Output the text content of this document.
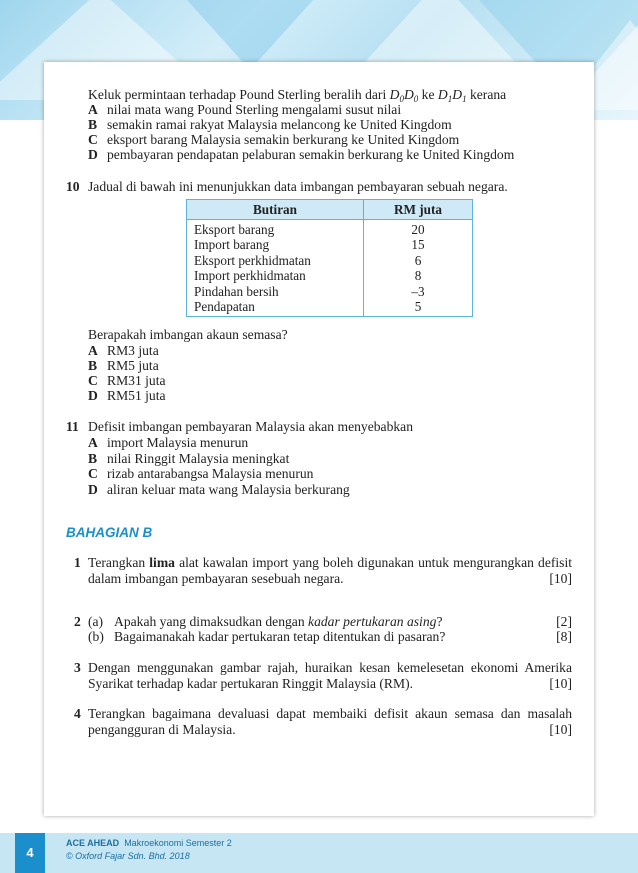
Keluk permintaan terhadap Pound Sterling beralih dari $D_0D_0$ ke $D_1D_1$ kerana
A nilai mata wang Pound Sterling mengalami susut nilai
B semakin ramai rakyat Malaysia melancong ke United Kingdom
C eksport barang Malaysia semakin berkurang ke United Kingdom
D pembayaran pendapatan pelaburan semakin berkurang ke United Kingdom
10 Jadual di bawah ini menunjukkan data imbangan pembayaran sebuah negara.
Butiran	RM juta
Eksport barang	20
Import barang	15
Eksport perkhidmatan	6
Import perkhidmatan	8
Pindahan bersih	–3
Pendapatan	5
Berapakah imbangan akaun semasa?
A RM3 juta
B RM5 juta
C RM31 juta
D RM51 juta
11 Defisit imbangan pembayaran Malaysia akan menyebabkan
A import Malaysia menurun
B nilai Ringgit Malaysia meningkat
C rizab antarabangsa Malaysia menurun
D aliran keluar mata wang Malaysia berkurang
BAHAGIAN B
1 Terangkan lima alat kawalan import yang boleh digunakan untuk mengurangkan defisit
dalam imbangan pembayaran sesebuah negara.	[10]
2 (a) Apakah yang dimaksudkan dengan kadar pertukaran asing?	[2]
(b) Bagaimanakah kadar pertukaran tetap ditentukan di pasaran?	[8]
3 Dengan menggunakan gambar rajah, huraikan kesan kemelesetan ekonomi Amerika
Syarikat terhadap kadar pertukaran Ringgit Malaysia (RM).	[10]
4 Terangkan bagaimana devaluasi dapat membaiki defisit akaun semasa dan masalah
pengangguran di Malaysia.	[10]
4
ACE AHEAD Makroekonomi Semester 2
© Oxford Fajar Sdn. Bhd. 2018
